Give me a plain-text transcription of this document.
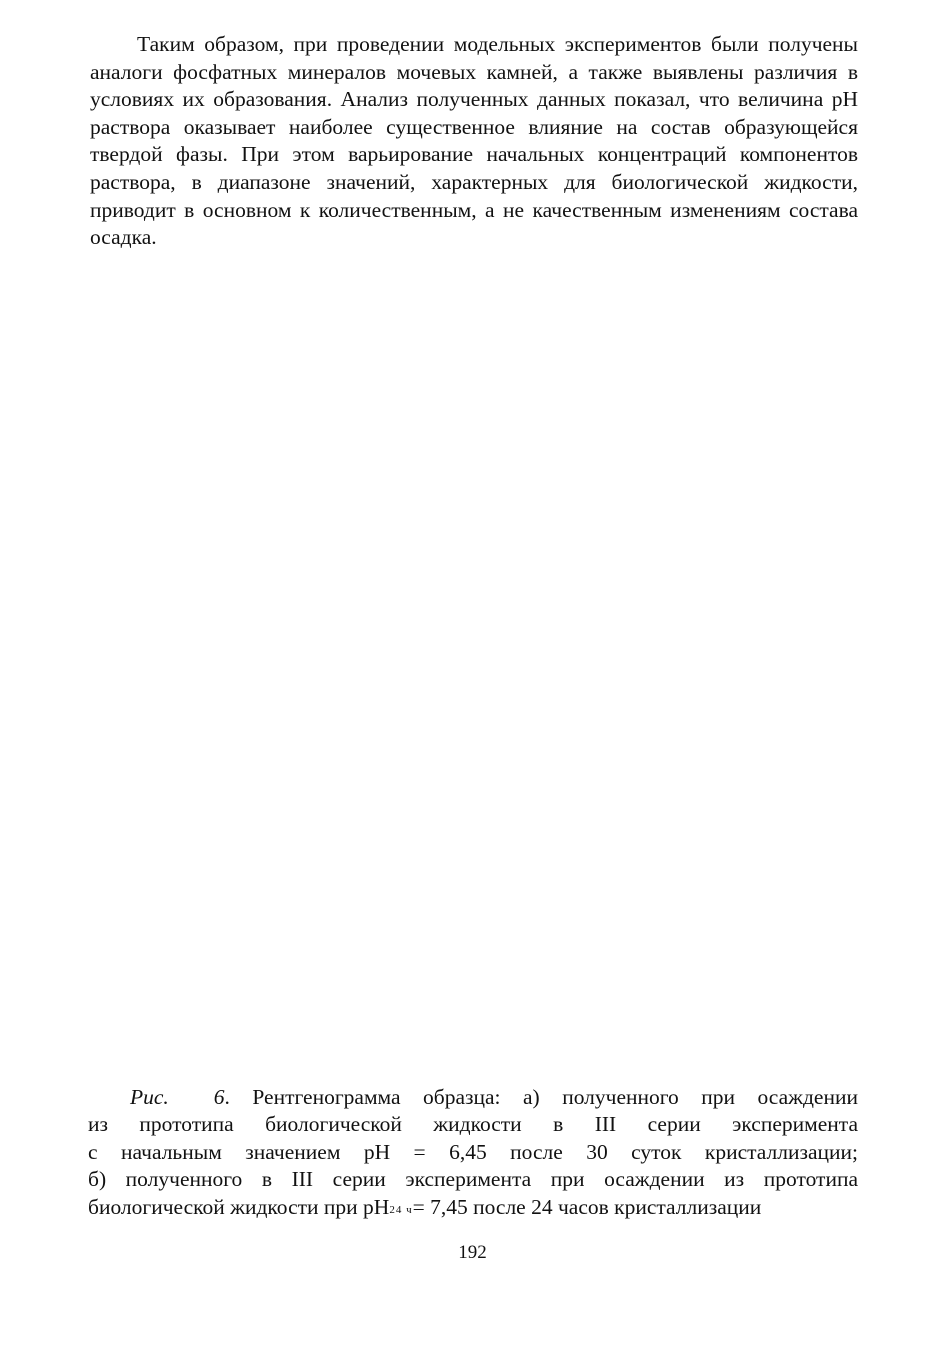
Таким образом, при проведении модельных экспериментов были получены аналоги фосфатных минералов мочевых камней, а также выявлены различия в условиях их образования. Анализ полученных данных показал, что величина рН раствора оказывает наиболее существенное влияние на состав образующейся твердой фазы. При этом варьирование начальных концентраций компонентов раствора, в диапазоне значений, характерных для биологической жидкости, приводит в основном к количественным, а не качественным изменениям состава осадка.

Рис. 6. Рентгенограмма образца: а) полученного при осаждении
из прототипа биологической жидкости в III серии эксперимента
с начальным значением рН = 6,45 после 30 суток кристаллизации;
б) полученного в III серии эксперимента при осаждении из прототипа
биологической жидкости при $рН_{24 ч}= 7,45$ после 24 часов кристаллизации
192
